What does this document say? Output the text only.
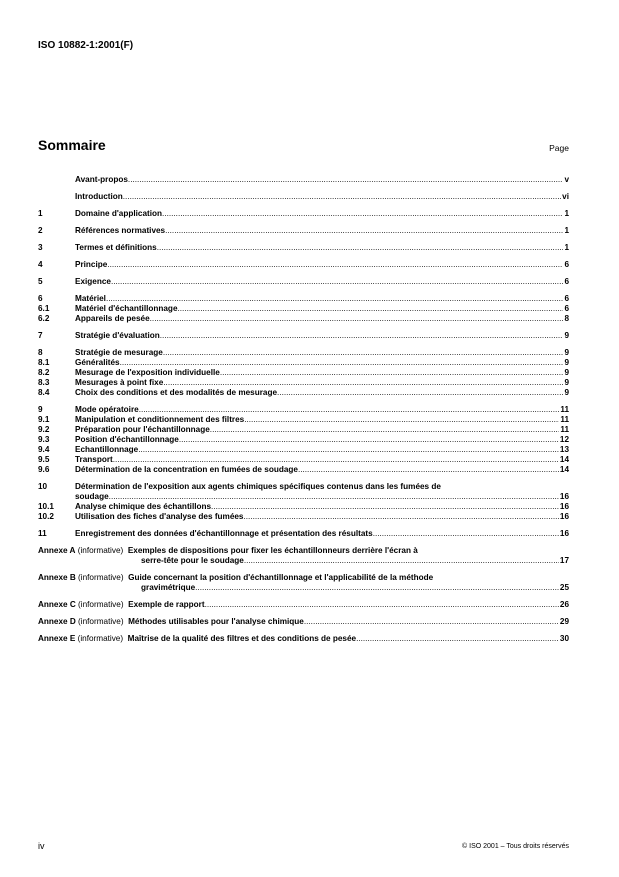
ISO 10882-1:2001(F)
Sommaire	Page
Avant-propos .....	v
Introduction .....	vi
1	Domaine d'application .....	1
2	Références normatives .....	1
3	Termes et définitions .....	1
4	Principe .....	6
5	Exigence .....	6
6	Matériel .....	6
6.1	Matériel d'échantillonnage .....	6
6.2	Appareils de pesée .....	8
7	Stratégie d'évaluation .....	9
8	Stratégie de mesurage .....	9
8.1	Généralités .....	9
8.2	Mesurage de l'exposition individuelle .....	9
8.3	Mesurages à point fixe .....	9
8.4	Choix des conditions et des modalités de mesurage .....	9
9	Mode opératoire .....	11
9.1	Manipulation et conditionnement des filtres .....	11
9.2	Préparation pour l'échantillonnage .....	11
9.3	Position d'échantillonnage .....	12
9.4	Echantillonnage .....	13
9.5	Transport .....	14
9.6	Détermination de la concentration en fumées de soudage .....	14
10	Détermination de l'exposition aux agents chimiques spécifiques contenus dans les fumées de
soudage .....	16
10.1	Analyse chimique des échantillons .....	16
10.2	Utilisation des fiches d'analyse des fumées .....	16
11	Enregistrement des données d'échantillonnage et présentation des résultats .....	16
Annexe A
(informative)
Exemples de dispositions pour fixer les échantillonneurs derrière l'écran à
serre-tête pour le soudage .....	17
Annexe B
(informative)
Guide concernant la position d'échantillonnage et l'applicabilité de la méthode
gravimétrique .....	25
Annexe C
(informative)
Exemple de rapport .....	26
Annexe D
(informative)
Méthodes utilisables pour l'analyse chimique .....	29
Annexe E
(informative)
Maîtrise de la qualité des filtres et des conditions de pesée .....	30
iv	© ISO 2001 – Tous droits réservés
